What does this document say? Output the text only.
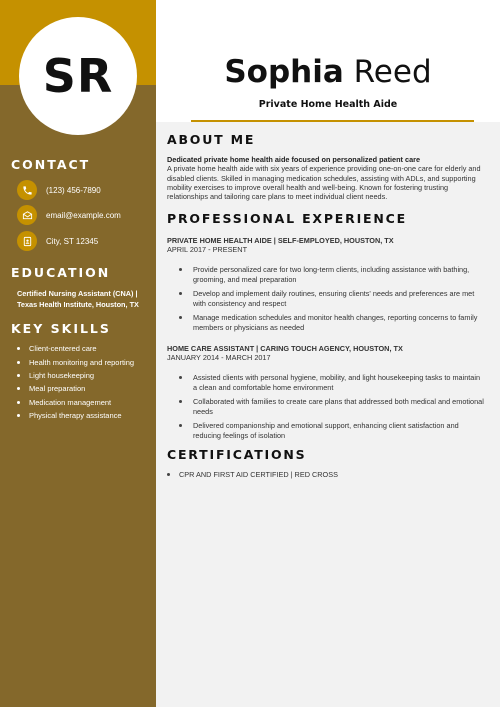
SR
CONTACT
(123) 456-7890
email@example.com
City, ST 12345
EDUCATION
Certified Nursing Assistant (CNA) |
Texas Health Institute, Houston, TX
KEY SKILLS
Client-centered care
Health monitoring and reporting
Light housekeeping
Meal preparation
Medication management
Physical therapy assistance
Sophia Reed
Private Home Health Aide
ABOUT ME
Dedicated private home health aide focused on personalized patient care
A private home health aide with six years of experience providing one-on-one care for elderly and disabled clients. Skilled in managing medication schedules, assisting with ADLs, and supporting mobility exercises to improve overall health and well-being. Known for fostering trusting relationships and tailoring care plans to meet individual client needs.
PROFESSIONAL EXPERIENCE
PRIVATE HOME HEALTH AIDE | SELF-EMPLOYED, HOUSTON, TX
APRIL 2017 - PRESENT
Provide personalized care for two long-term clients, including assistance with bathing, grooming, and meal preparation
Develop and implement daily routines, ensuring clients' needs and preferences are met with consistency and respect
Manage medication schedules and monitor health changes, reporting concerns to family members or physicians as needed
HOME CARE ASSISTANT | CARING TOUCH AGENCY, HOUSTON, TX
JANUARY 2014 - MARCH 2017
Assisted clients with personal hygiene, mobility, and light housekeeping tasks to maintain a clean and comfortable home environment
Collaborated with families to create care plans that addressed both medical and emotional needs
Delivered companionship and emotional support, enhancing client satisfaction and reducing feelings of isolation
CERTIFICATIONS
CPR AND FIRST AID CERTIFIED | RED CROSS
